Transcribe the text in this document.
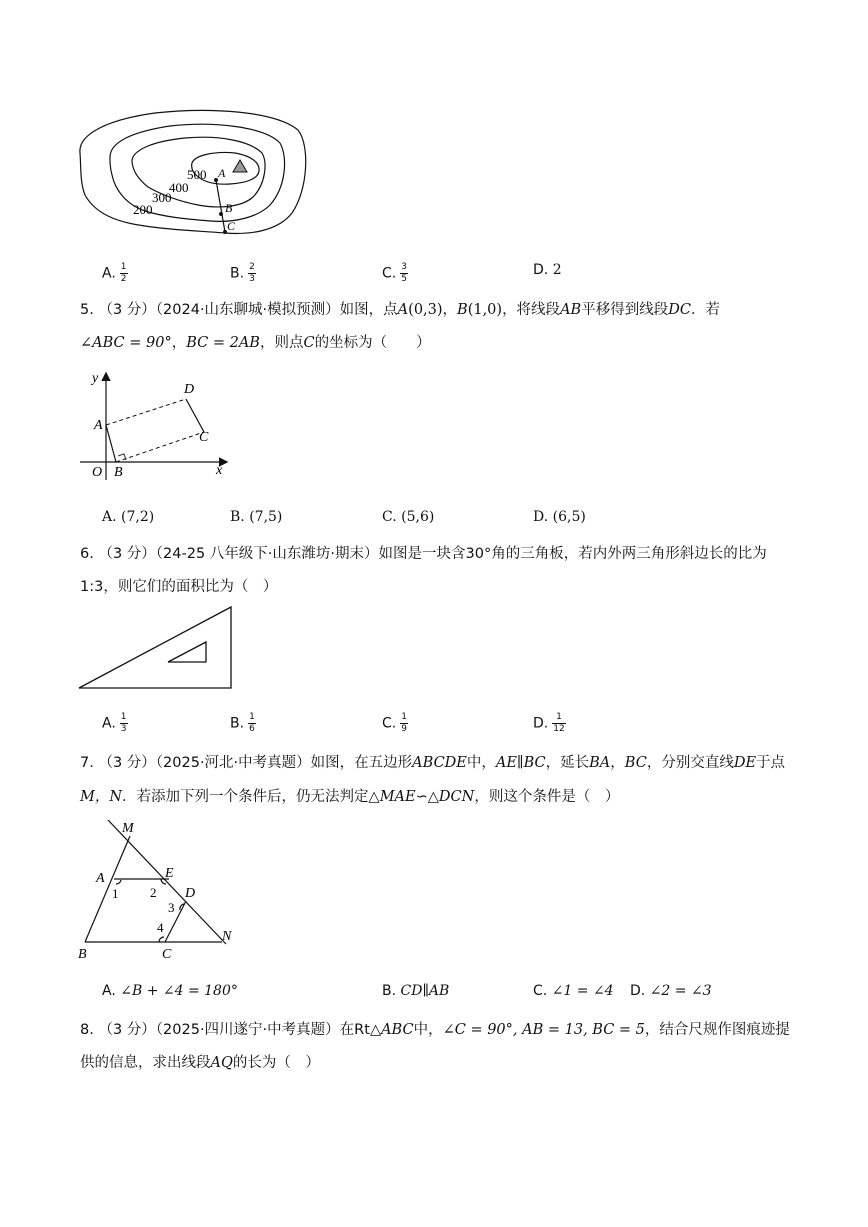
500
400
300
200
A
B
C
A. $\frac{1}{2}$	B. $\frac{2}{3}$	C. $\frac{3}{5}$	D. 2
5. （3 分）（2024·山东聊城·模拟预测）如图，点A(0,3)，B(1,0)，将线段AB平移得到线段DC．若
∠ABC = 90°，BC = 2AB，则点C的坐标为（　　）
y
D
A
C
O B	x
A. (7,2)	B. (7,5)	C. (5,6)	D. (6,5)
6. （3 分）（24-25 八年级下·山东潍坊·期末）如图是一块含30°角的三角板，若内外两三角形斜边长的比为
1:3，则它们的面积比为（　）
A. $\frac{1}{3}$	B. $\frac{1}{6}$	C. $\frac{1}{9}$	D. $\frac{1}{12}$
7. （3 分）（2025·河北·中考真题）如图，在五边形ABCDE中，AE∥BC，延长BA，BC，分别交直线DE于点
M，N．若添加下列一个条件后，仍无法判定△MAE∽△DCN，则这个条件是（　）
M
A	E
1 2 D
3
4
B	C
N
A. ∠B + ∠4 = 180°	B. CD∥AB	C. ∠1 = ∠4 D. ∠2 = ∠3
8. （3 分）（2025·四川遂宁·中考真题）在Rt△ABC中，∠C = 90°, AB = 13, BC = 5，结合尺规作图痕迹提
供的信息，求出线段AQ的长为（　）
